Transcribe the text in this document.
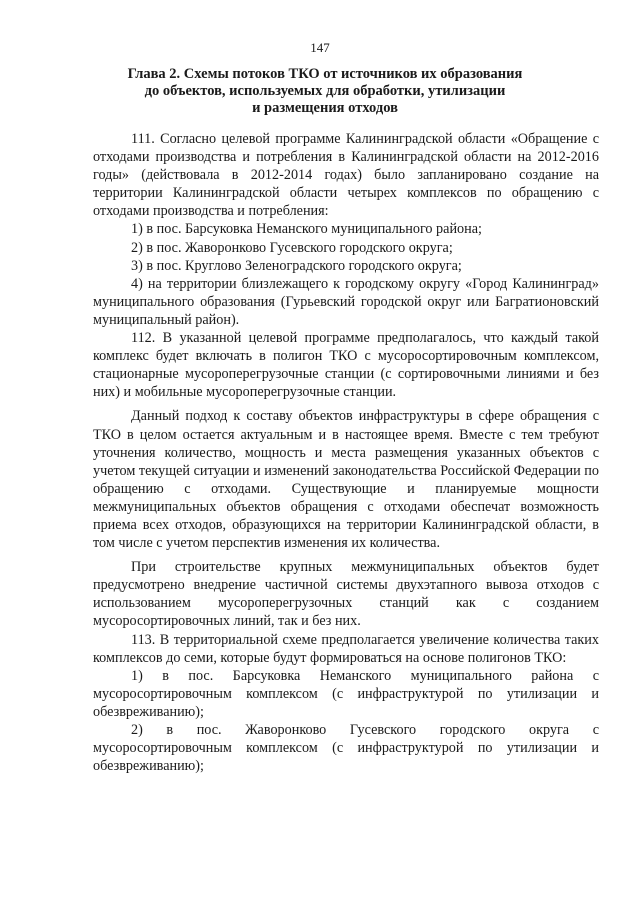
147
Глава 2. Схемы потоков ТКО от источников их образования
до объектов, используемых для обработки, утилизации
и размещения отходов

111. Согласно целевой программе Калининградской области «Обращение с отходами производства и потребления в Калининградской области на 2012-2016 годы» (действовала в 2012-2014 годах) было запланировано создание на территории Калининградской области четырех комплексов по обращению с отходами производства и потребления:

1) в пос. Барсуковка Неманского муниципального района;

2) в пос. Жаворонково Гусевского городского округа;

3) в пос. Круглово Зеленоградского городского округа;

4) на территории близлежащего к городскому округу «Город Калининград» муниципального образования (Гурьевский городской округ или Багратионовский муниципальный район).

112. В указанной целевой программе предполагалось, что каждый такой комплекс будет включать в полигон ТКО с мусоросортировочным комплексом, стационарные мусороперегрузочные станции (с сортировочными линиями и без них) и мобильные мусороперегрузочные станции.

Данный подход к составу объектов инфраструктуры в сфере обращения с ТКО в целом остается актуальным и в настоящее время. Вместе с тем требуют уточнения количество, мощность и места размещения указанных объектов с учетом текущей ситуации и изменений законодательства Российской Федерации по обращению с отходами. Существующие и планируемые мощности межмуниципальных объектов обращения с отходами обеспечат возможность приема всех отходов, образующихся на территории Калининградской области, в том числе с учетом перспектив изменения их количества.

При строительстве крупных межмуниципальных объектов будет предусмотрено внедрение частичной системы двухэтапного вывоза отходов с использованием мусороперегрузочных станций как с созданием мусоросортировочных линий, так и без них.

113. В территориальной схеме предполагается увеличение количества таких комплексов до семи, которые будут формироваться на основе полигонов ТКО:

1) в пос. Барсуковка Неманского муниципального района с мусоросортировочным комплексом (с инфраструктурой по утилизации и обезвреживанию);

2) в пос. Жаворонково Гусевского городского округа с мусоросортировочным комплексом (с инфраструктурой по утилизации и обезвреживанию);
